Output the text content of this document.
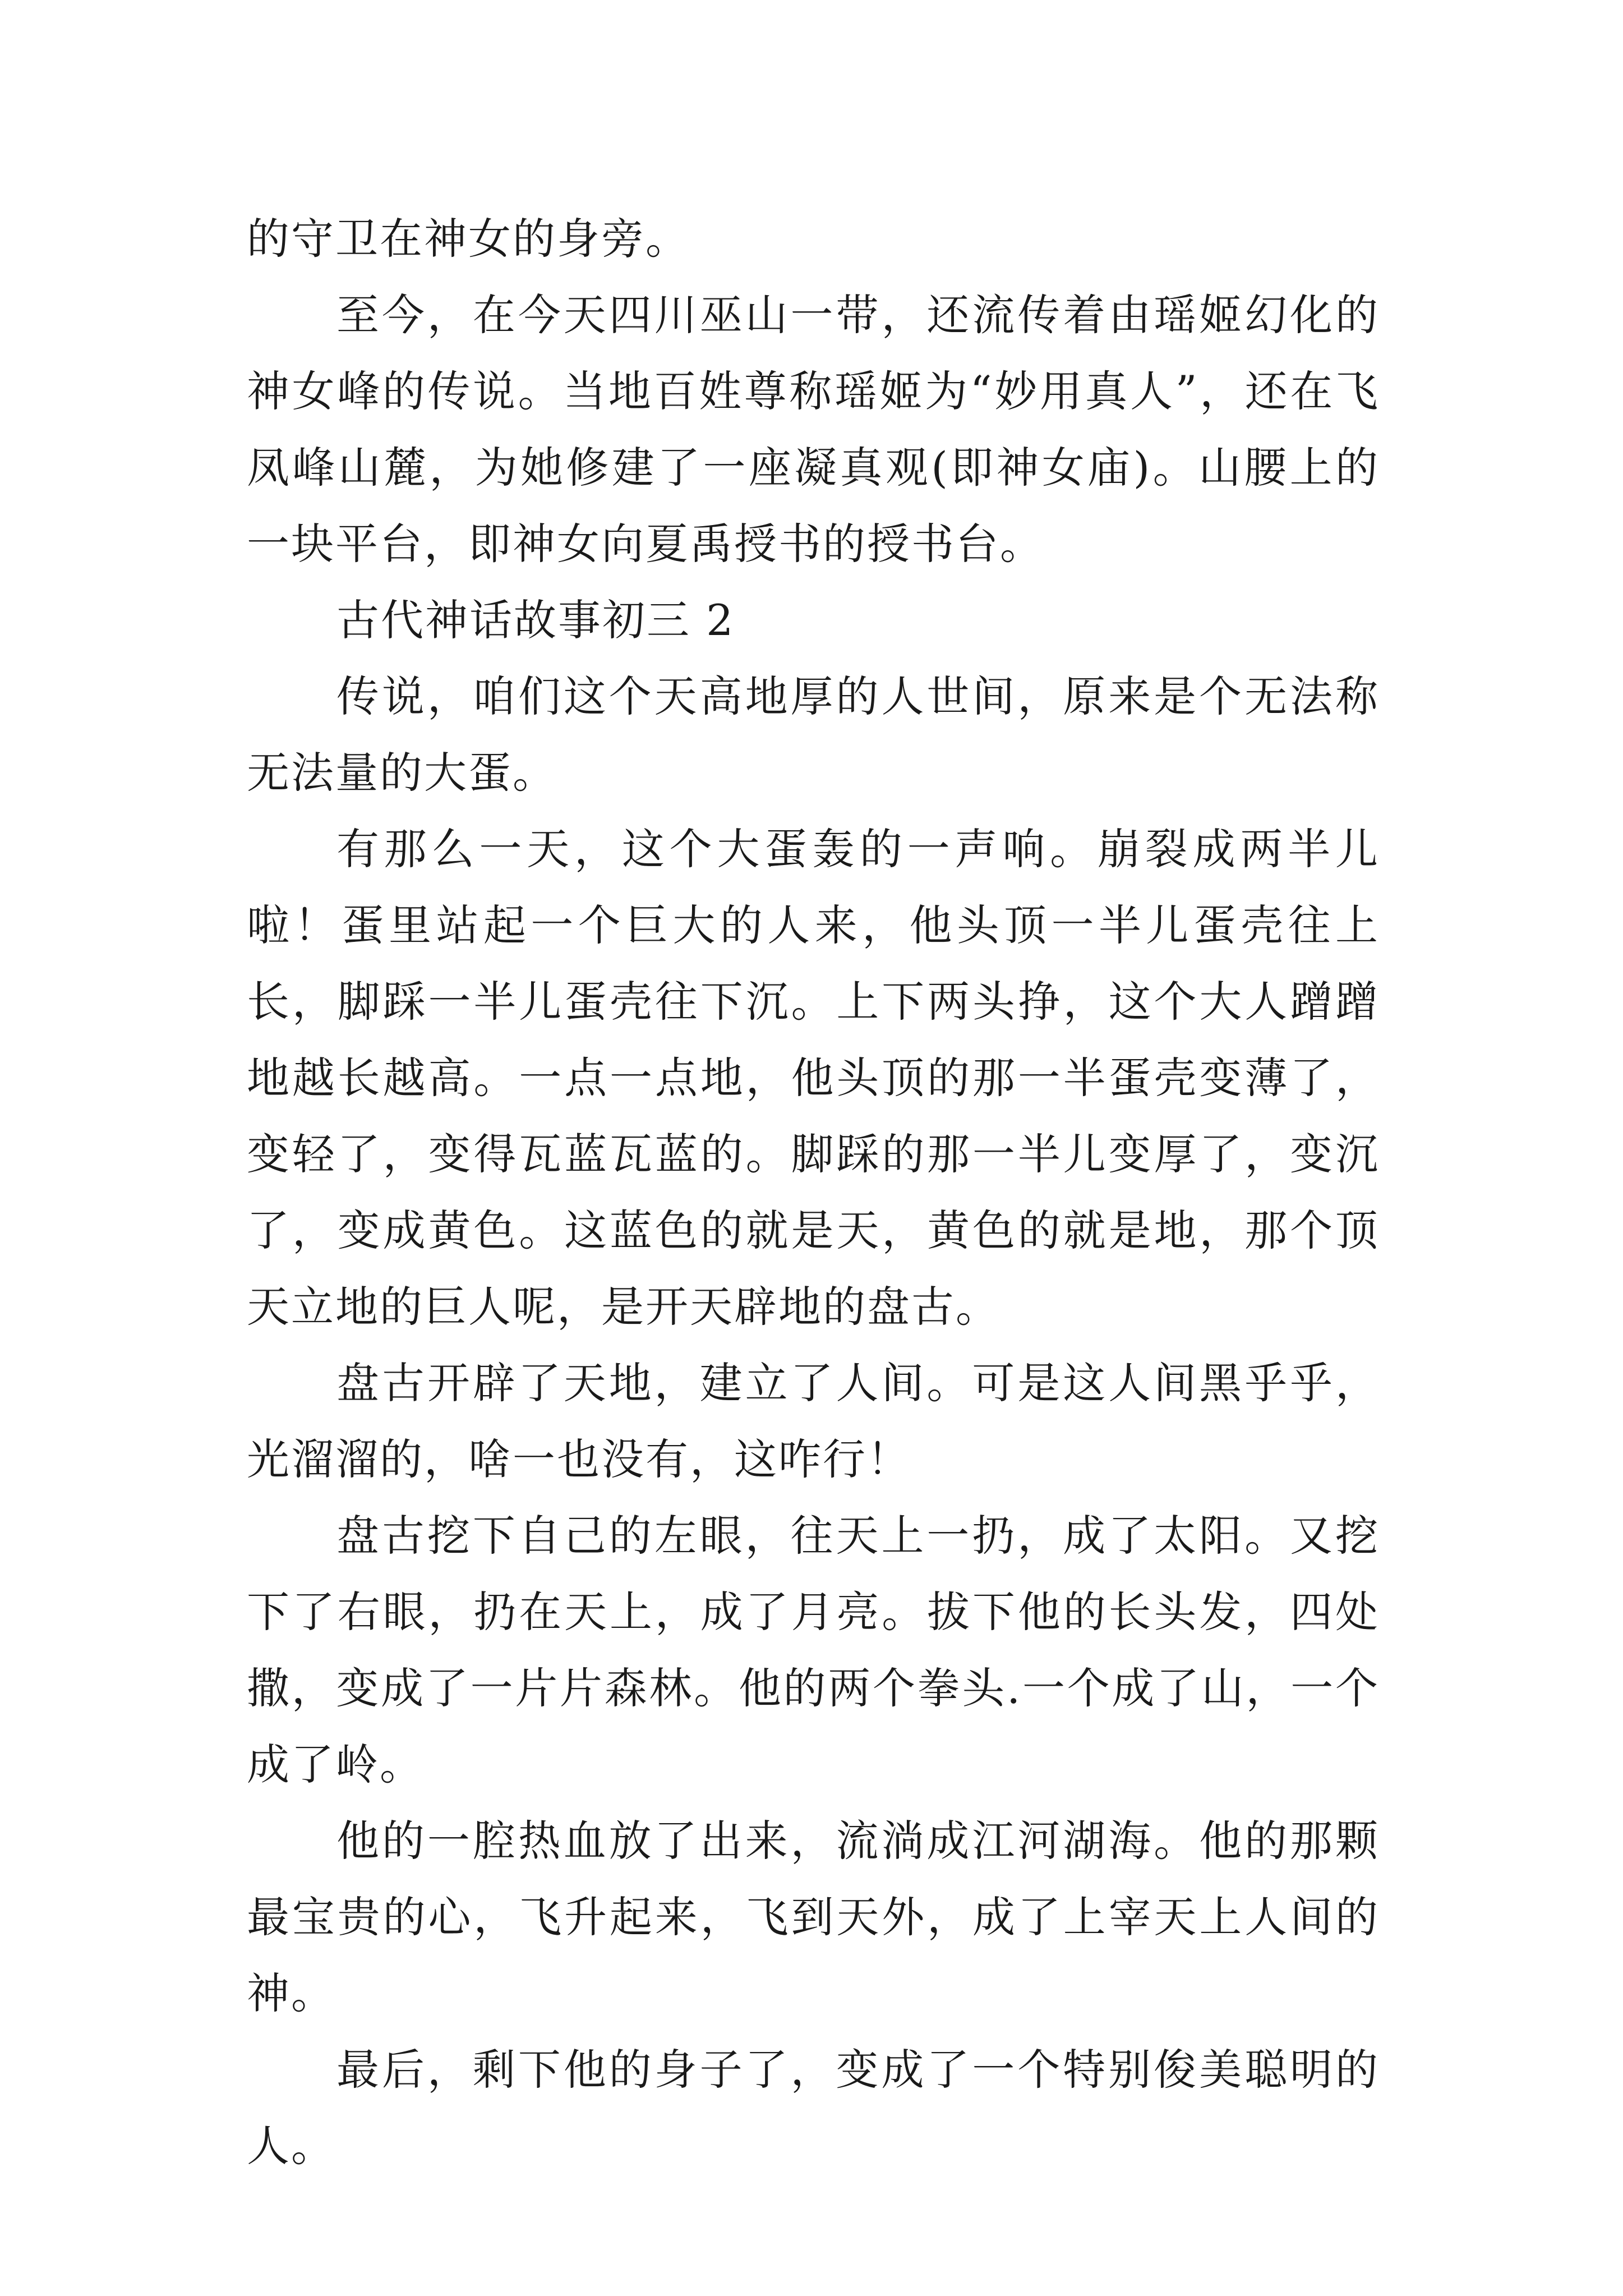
的守卫在神女的身旁。

至今，在今天四川巫山一带，还流传着由瑶姬幻化的神女峰的传说。当地百姓尊称瑶姬为“妙用真人”，还在飞凤峰山麓，为她修建了一座凝真观(即神女庙)。山腰上的一块平台，即神女向夏禹授书的授书台。

古代神话故事初三 2

传说，咱们这个天高地厚的人世间，原来是个无法称无法量的大蛋。

有那么一天，这个大蛋轰的一声响。崩裂成两半儿啦！蛋里站起一个巨大的人来，他头顶一半儿蛋壳往上长，脚踩一半儿蛋壳往下沉。上下两头挣，这个大人蹭蹭地越长越高。一点一点地，他头顶的那一半蛋壳变薄了，变轻了，变得瓦蓝瓦蓝的。脚踩的那一半儿变厚了，变沉了，变成黄色。这蓝色的就是天，黄色的就是地，那个顶天立地的巨人呢，是开天辟地的盘古。

盘古开辟了天地，建立了人间。可是这人间黑乎乎，光溜溜的，啥一也没有，这咋行！

盘古挖下自己的左眼，往天上一扔，成了太阳。又挖下了右眼，扔在天上，成了月亮。拔下他的长头发，四处撒，变成了一片片森林。他的两个拳头.一个成了山，一个成了岭。

他的一腔热血放了出来，流淌成江河湖海。他的那颗最宝贵的心，飞升起来，飞到天外，成了上宰天上人间的神。

最后，剩下他的身子了，变成了一个特别俊美聪明的人。
